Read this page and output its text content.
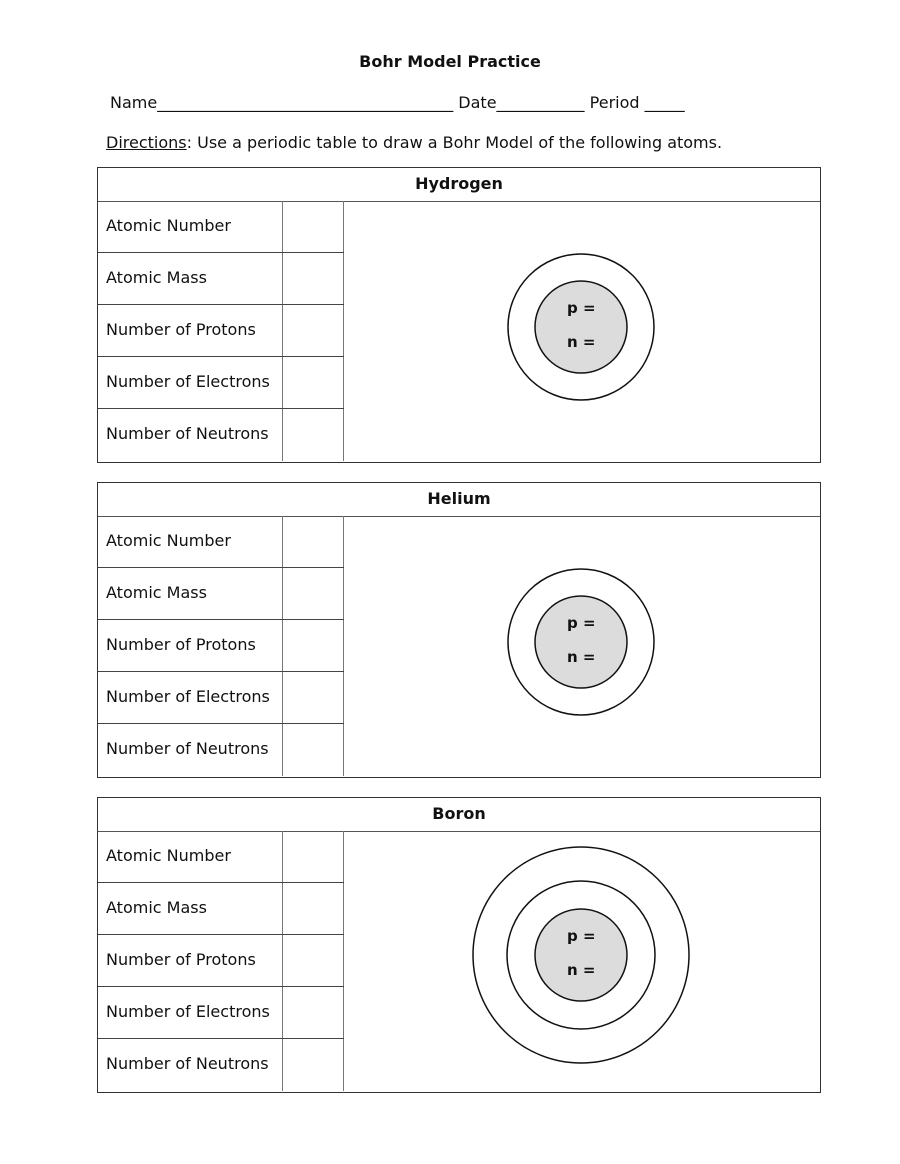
Bohr Model Practice
Name_____________________________________ Date___________ Period _____
Directions: Use a periodic table to draw a Bohr Model of the following atoms.
Hydrogen
Atomic Number
Atomic Mass
Number of Protons
Number of Electrons
Number of Neutrons
p =
n =
Helium
Atomic Number
Atomic Mass
Number of Protons
Number of Electrons
Number of Neutrons
p =
n =
Boron
Atomic Number
Atomic Mass
Number of Protons
Number of Electrons
Number of Neutrons
p =
n =
